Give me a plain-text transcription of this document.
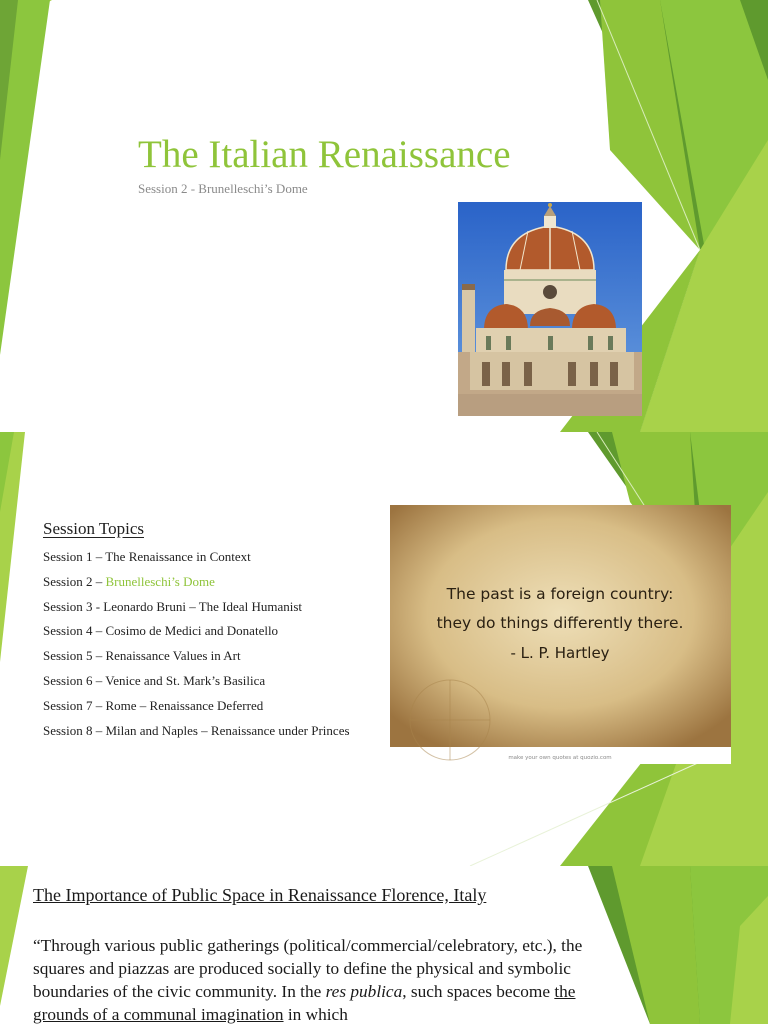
The Italian Renaissance
Session 2 - Brunelleschi’s Dome
Session Topics
Session 1 – The Renaissance in Context
Session 2 – Brunelleschi’s Dome
Session 3 - Leonardo Bruni – The Ideal Humanist
Session 4 – Cosimo de Medici and Donatello
Session 5 – Renaissance Values in Art
Session 6 – Venice and St. Mark’s Basilica
Session 7 – Rome – Renaissance Deferred
Session 8 – Milan and Naples – Renaissance under Princes
The past is a foreign country:
they do things differently there.
- L. P. Hartley
make your own quotes at quozio.com
The Importance of Public Space in Renaissance Florence, Italy

“Through various public gatherings (political/commercial/celebratory, etc.), the squares and piazzas are produced socially to define the physical and symbolic boundaries of the civic community. In the res publica, such spaces become the grounds of a communal imagination in which
